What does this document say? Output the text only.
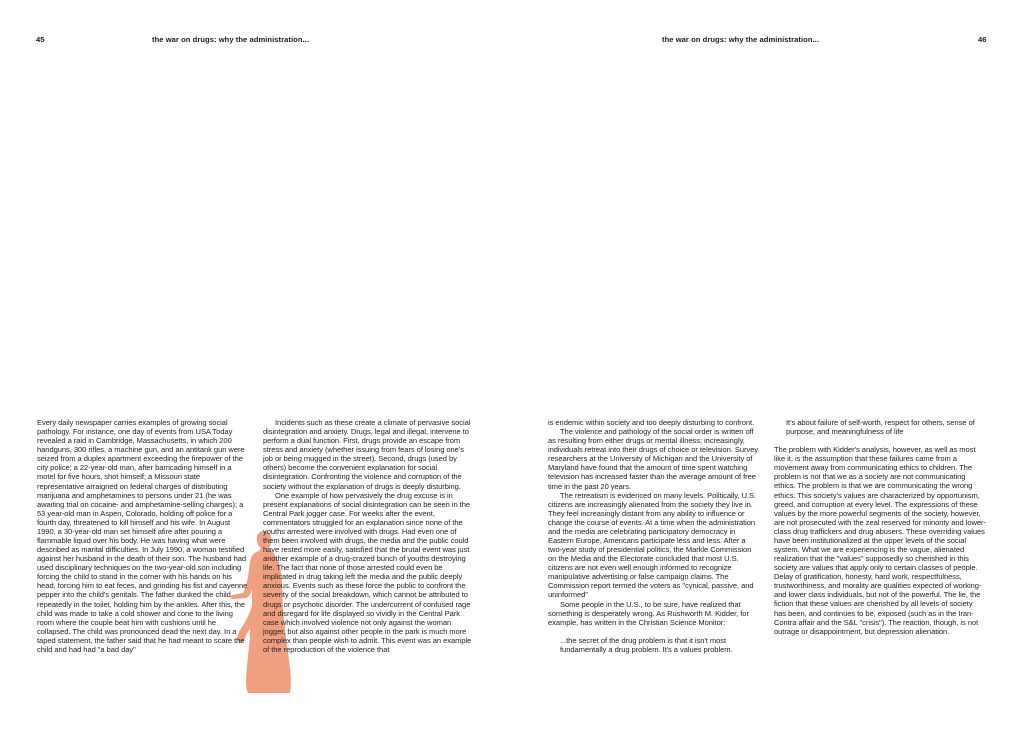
45	the war on drugs: why the administration...	the war on drugs: why the administration...	46

Every daily newspaper carries examples of growing social pathology. For instance, one day of events from USA Today revealed a raid in Cambridge, Massachusetts, in which 200 handguns, 300 rifles, a machine gun, and an antitank gun were seized from a duplex apartment exceeding the firepower of the city police; a 22-year-old man, after barricading himself in a motel for five hours, shot himself; a Missouri state representative arraigned on federal charges of distributing marijuana and amphetamines to persons under 21 (he was awaiting trial on cocaine- and amphetamine-selling charges); a 53 year-old man in Aspen, Colorado, holding off police for a fourth day, threatened to kill himself and his wife. In August 1990, a 30-year-old man set himself afire after pouring a flammable liquid over his body. He was having what were described as marital difficulties. In July 1990, a woman testified against her husband in the death of their son. The husband had used disciplinary techniques on the two-year-old son including forcing the child to stand in the corner with his hands on his head, forcing him to eat feces, and grinding his fist and cayenne pepper into the child's genitals. The father dunked the child repeatedly in the toilet, holding him by the ankles. After this, the child was made to take a cold shower and cone to the living room where the couple beat him with cushions until he collapsed. The child was pronounced dead the next day. In a taped statement, the father said that he had meant to scare the child and had had "a bad day"

Incidents such as these create a climate of pervasive social disintegration and anxiety. Drugs, legal and illegal, intervene to perform a dual function. First, drugs provide an escape from stress and anxiety (whether issuing from fears of losing one's job or being mugged in the street). Second, drugs (used by others) become the convenient explanation for social disintegration. Confronting the violence and corruption of the society without the explanation of drugs is deeply disturbing.

One example of how pervasively the drug excuse is in present explanations of social disintegration can be seen in the Central Park jogger case. For weeks after the event, commentators struggled for an explanation since none of the youths arrested were involved with drugs. Had even one of them been involved with drugs, the media and the public could have rested more easily, satisfied that the brutal event was just another example of a drug-crazed bunch of youths destroying life. The fact that none of those arrested could even be implicated in drug taking left the media and the public deeply anxious. Events such as these force the public to confront the severity of the social breakdown, which cannot be attributed to drugs or psychotic disorder. The undercurrent of confused rage and disregard for life displayed so vividly in the Central Park case which involved violence not only against the woman jogger, but also against other people in the park is much more complex than people wish to admit. This event was an example of the reproduction of the violence that

is endemic within society and too deeply disturbing to confront.

The violence and pathology of the social order is written off as resulting from either drugs or mental illness; increasingly, individuals retreat into their drugs of choice or television. Survey researchers at the University of Michigan and the University of Maryland have found that the amount of time spent watching television has increased faster than the average amount of free time in the past 20 years.

The retreatism is evidenced on many levels. Politically, U.S. citizens are increasingly alienated from the society they live in. They feel increasingly distant from any ability to influence or change the course of events. At a time when the administration and the media are celebrating participatory democracy in Eastern Europe, Americans participate less and less. After a two-year study of presidential politics, the Markle Commission on the Media and the Electorate concluded that most U.S. citizens are not even well enough informed to recognize manipulative advertising or false campaign claims. The Commission report termed the voters as "cynical, passive, and uninformed"

Some people in the U.S., to be sure, have realized that something is desperately wrong. As Rushworth M. Kidder, for example, has written in the Christian Science Monitor:

...the secret of the drug problem is that it isn't most fundamentally a drug problem. It's a values problem.

It's about failure of self-worth, respect for others, sense of purpose, and meaningfulness of life

The problem with Kidder's analysis, however, as well as most like it, is the assumption that these failures came from a movement away from communicating ethics to children. The problem is not that we as a society are not communicating ethics. The problem is that we are communicating the wrong ethics. This society's values are characterized by opportunism, greed, and corruption at every level. The expressions of these values by the more powerful segments of the society, however, are not prosecuted with the zeal reserved for minority and lower-class drug traffickers and drug abusers. These overriding values have been institutionalized at the upper levels of the social system. What we are experiencing is the vague, alienated realization that the "values" supposedly so cherished in this society are values that apply only to certain classes of people. Delay of gratification, honesty, hard work, respectfulness, trustworthiness, and morality are qualities expected of working- and lower class individuals, but not of the powerful. The lie, the fiction that these values are cherished by all levels of society has been, and continues to be, exposed (such as in the Iran-Contra affair and the S&L "crisis"). The reaction, though, is not outrage or disappointment, but depression alienation.
